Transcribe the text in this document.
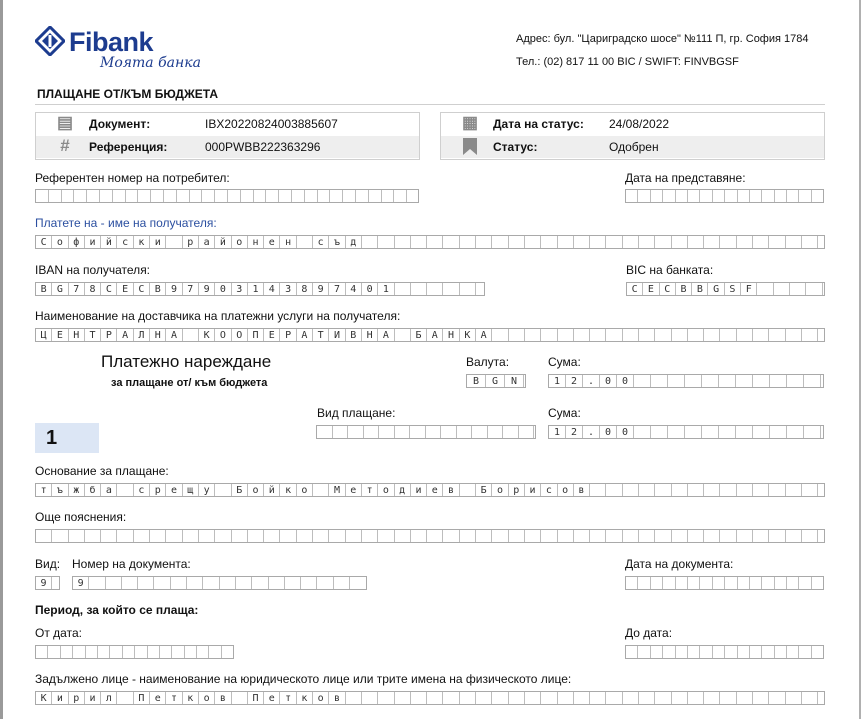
Fibank
Моята банка
Адрес: бул. "Цариградско шосе" №111 П, гр. София 1784
Тел.: (02) 817 11 00 BIC / SWIFT: FINVBGSF
ПЛАЩАНЕ ОТ/КЪМ БЮДЖЕТА
▤ Документ:	IBX20220824003885607
#	Референция:	000PWBB222363296
▦ Дата на статус: 24/08/2022
Статус:	Одобрен
Референтен номер на потребител:	Дата на представяне:
Платете на - име на получателя:
С	о	ф	и	й	с	к	и	р	а	й	о	н	е	н	с	ъ	д
IBAN на получателя:
B	G	7	8	C	E	C	B	9	7	9	0	3	1	4	3	8	9	7	4	0	1
BIC на банката:
C	E	C	B	B	G	S	F
Наименование на доставчика на платежни услуги на получателя:
Ц	Е	Н	Т	Р	А	Л	Н	А	К	О	О	П	Е	Р	А	Т	И	В	Н	А	Б	А	Н	К	А
Платежно нареждане
за плащане от/ към бюджета
Валута:
B	G	N
Сума:
1	2	.	0	0
1
Вид плащане:	Сума:
1	2	.	0	0
Основание за плащане:
т	ъ	ж	б	а	с	р	е	щ	у	Б	о	й	к	о	М	е	т	о	д	и	е	в	Б	о	р	и	с	о	в
Още пояснения:
Вид:
9
Номер на документа:
9
Дата на документа:
Период, за който се плаща:
От дата:	До дата:
Задължено лице - наименование на юридическото лице или трите имена на физическото лице:
К	и	р	и	л	П	е	т	к	о	в	П	е	т	к	о	в
